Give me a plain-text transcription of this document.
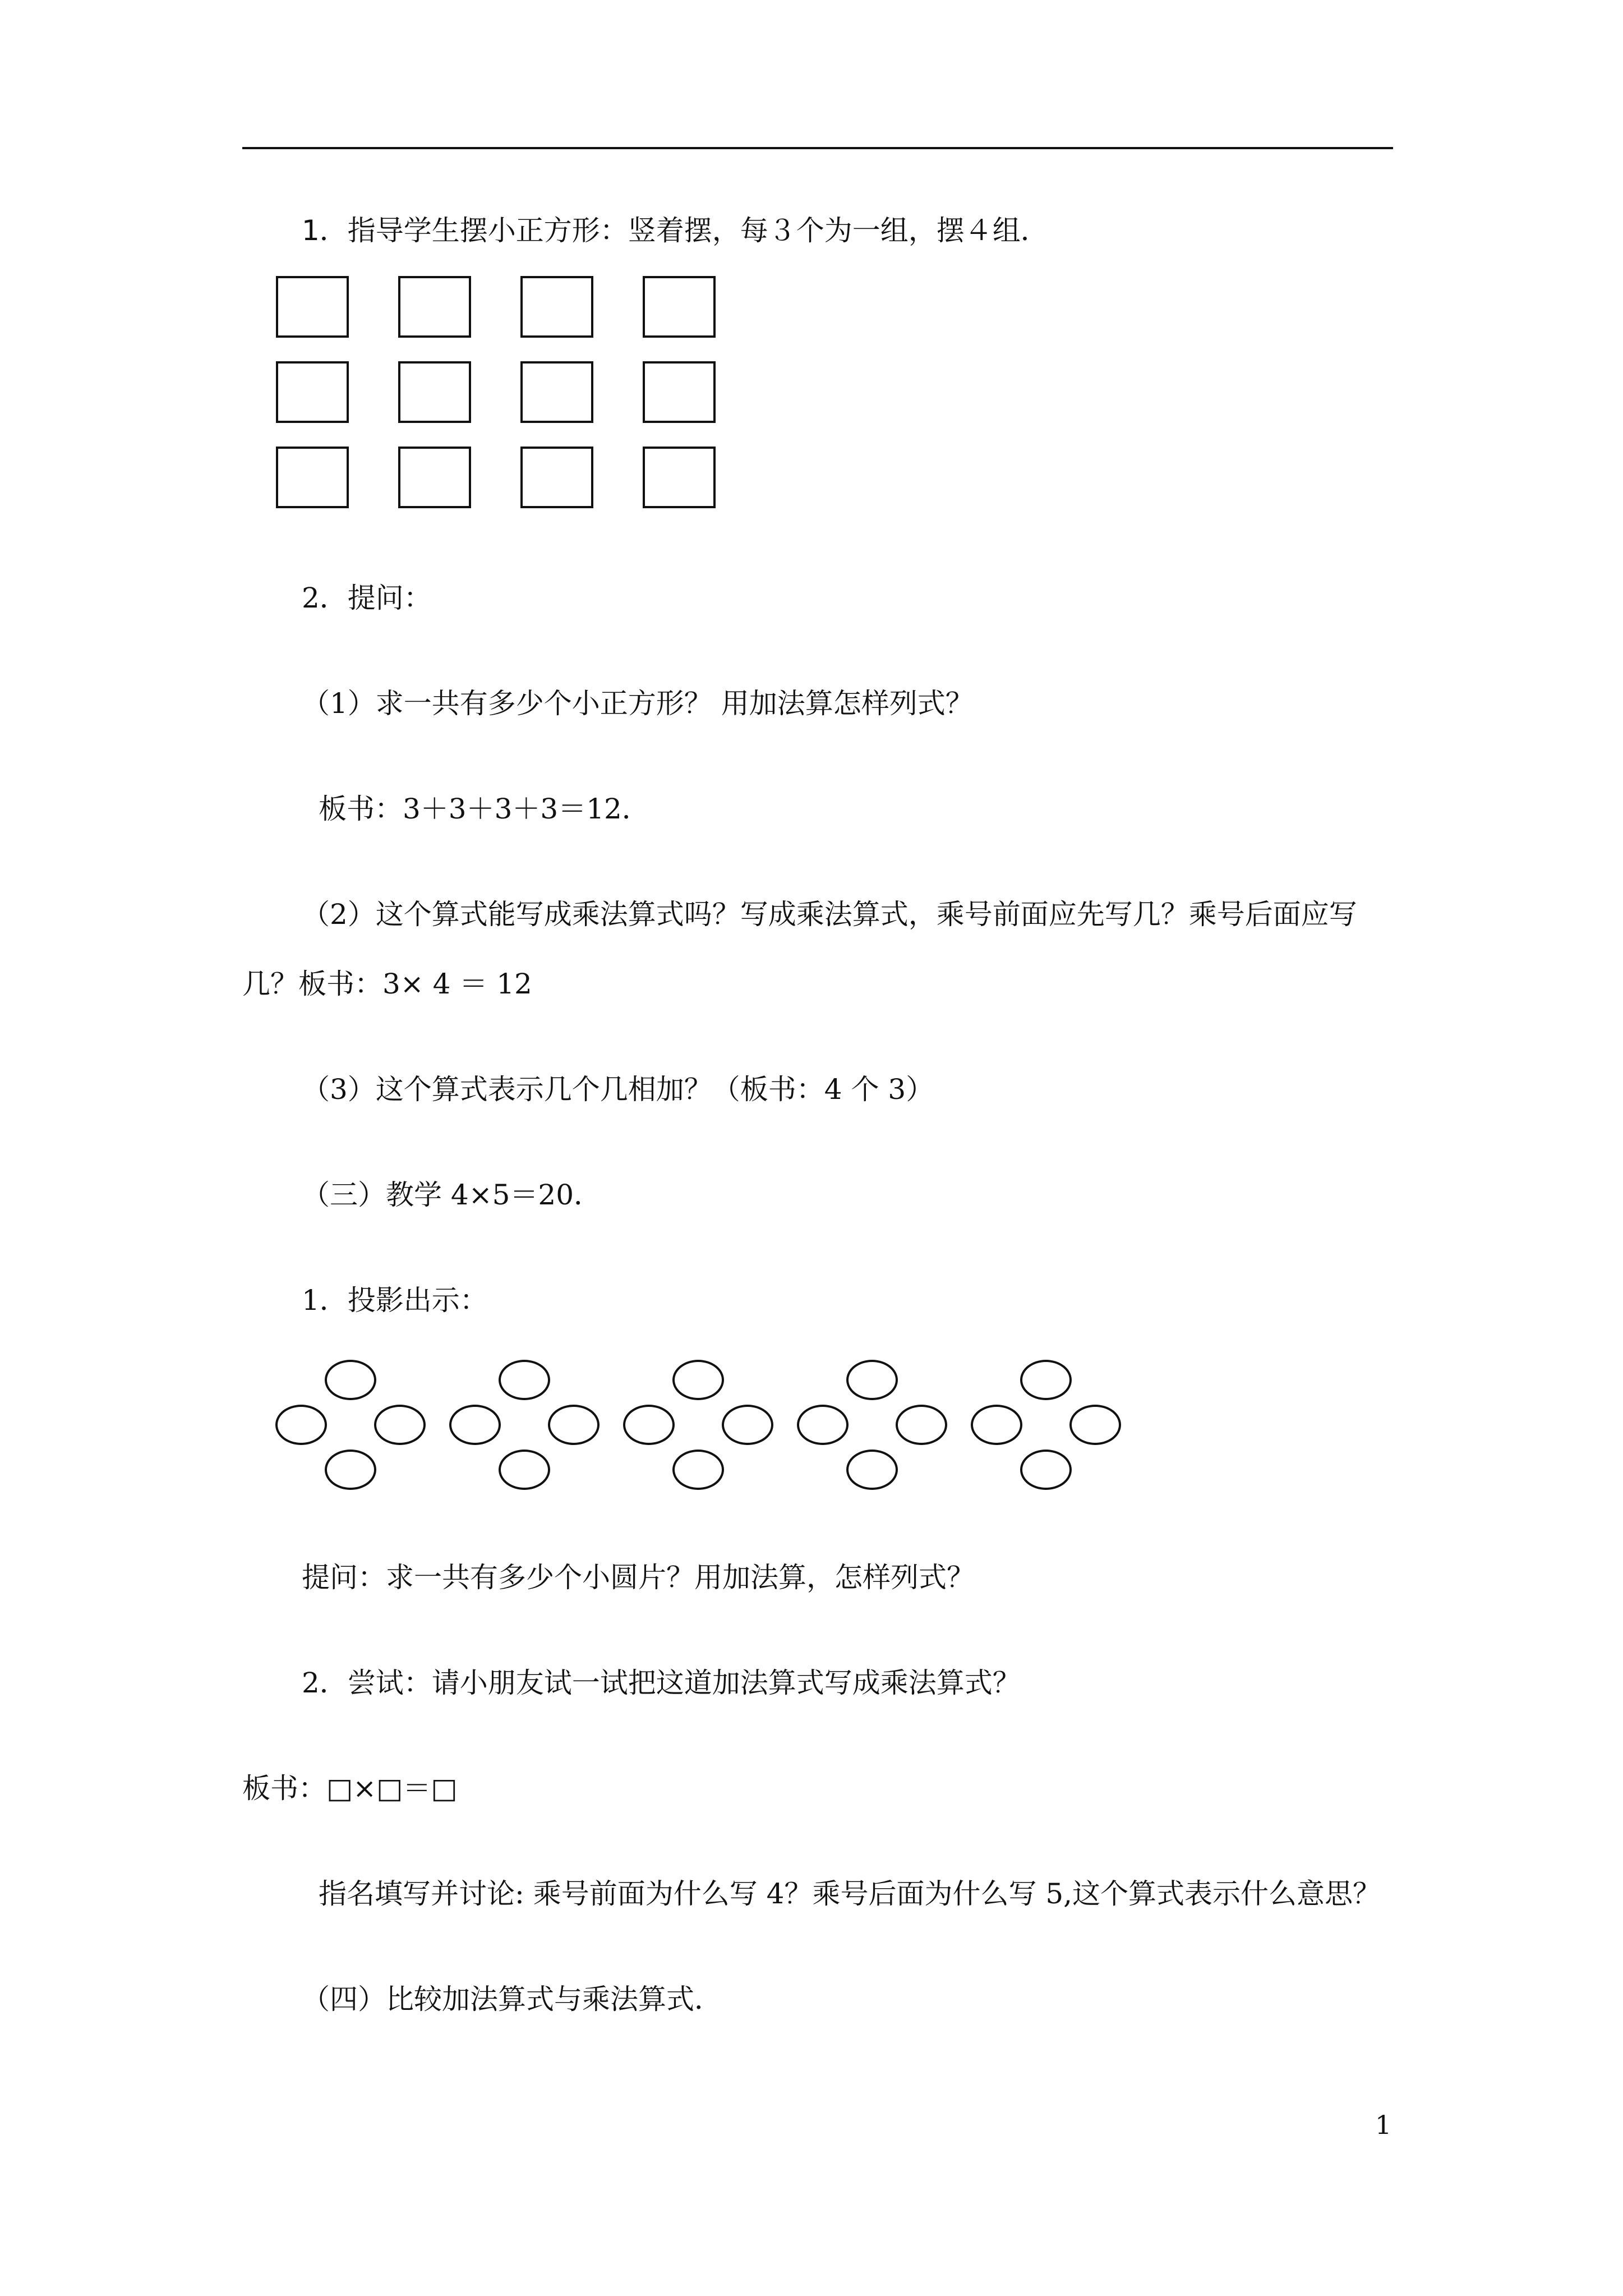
1．指导学生摆小正方形：竖着摆，每３个为一组，摆４组．
2．提问：
（1）求一共有多少个小正方形？ 用加法算怎样列式？
板书：3＋3＋3＋3＝12．
（2）这个算式能写成乘法算式吗？写成乘法算式，乘号前面应先写几？乘号后面应写
几？板书：3× 4 ＝ 12
（3）这个算式表示几个几相加？（板书：4 个 3）
（三）教学 4×5＝20．
1．投影出示：
提问：求一共有多少个小圆片？用加法算，怎样列式？
2．尝试：请小朋友试一试把这道加法算式写成乘法算式？
板书：□×□＝□
指名填写并讨论: 乘号前面为什么写 4？乘号后面为什么写 5,这个算式表示什么意思？
（四）比较加法算式与乘法算式．
1
